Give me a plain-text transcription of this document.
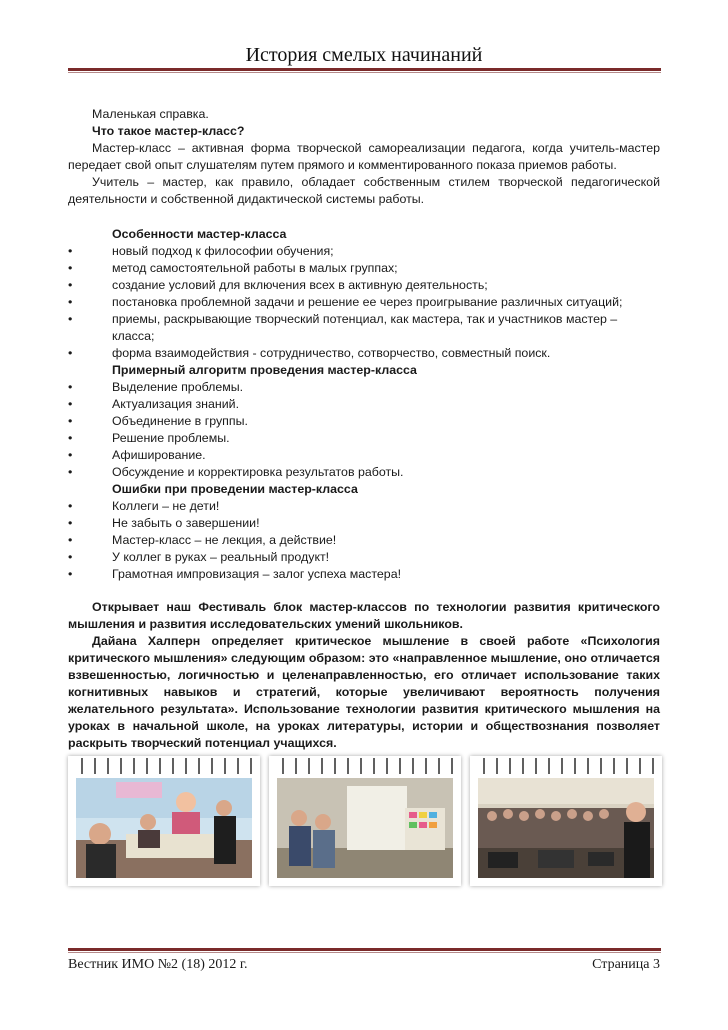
История смелых начинаний

Маленькая справка.

Что такое мастер-класс?

Мастер-класс – активная форма творческой самореализации педагога, когда учитель-мастер передает свой опыт слушателям путем прямого и комментированного показа приемов работы.

Учитель – мастер, как правило, обладает собственным стилем творческой педагогической деятельности и собственной дидактической системы работы.

Особенности мастер-класса

•	новый подход к философии обучения;
•	метод самостоятельной работы в малых группах;
•	создание условий для включения всех в активную деятельность;
•	постановка проблемной задачи и решение ее через проигрывание различных ситуаций;
•	приемы, раскрывающие творческий потенциал, как мастера, так и участников мастер – класса;
•	форма взаимодействия - сотрудничество, сотворчество, совместный поиск.

Примерный алгоритм проведения мастер-класса

•	Выделение проблемы.
•	Актуализация знаний.
•	Объединение в группы.
•	Решение проблемы.
•	Афиширование.
•	Обсуждение и корректировка результатов работы.

Ошибки при проведении мастер-класса

•	Коллеги – не дети!
•	Не забыть о завершении!
•	Мастер-класс – не лекция, а действие!
•	У коллег в руках – реальный продукт!
•	Грамотная импровизация – залог успеха мастера!

Открывает наш Фестиваль блок мастер-классов по технологии развития критического мышления и развития исследовательских умений школьников.

Дайана Халперн определяет критическое мышление в своей работе «Психология критического мышления» следующим образом: это «направленное мышление, оно отличается взвешенностью, логичностью и целенаправленностью, его отличает использование таких когнитивных навыков и стратегий, которые увеличивают вероятность получения желательного результата». Использование технологии развития критического мышления на уроках в начальной школе, на уроках литературы, истории и обществознания позволяет раскрыть творческий потенциал учащихся.

Вестник ИМО №2 (18) 2012 г.	Страница 3
